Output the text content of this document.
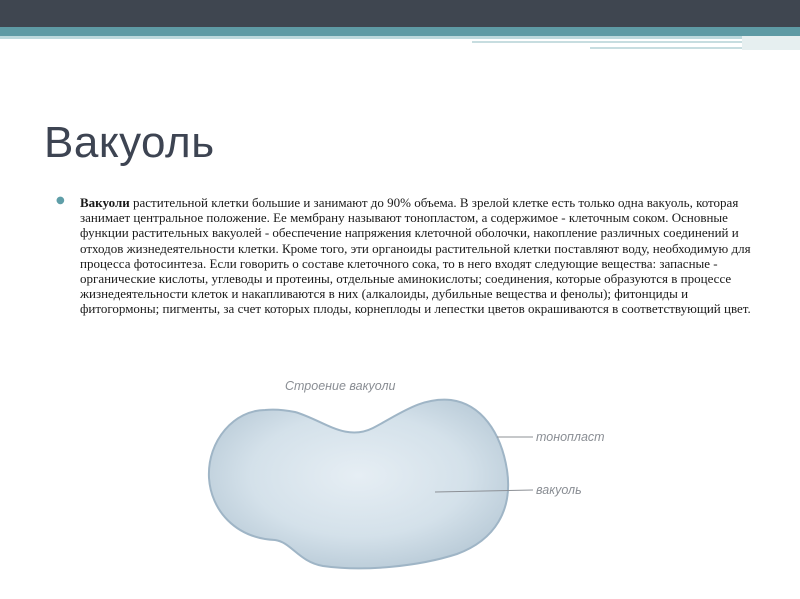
Вакуоль
● Вакуоли растительной клетки большие и занимают до 90% объема. В зрелой клетке есть только одна вакуоль, которая занимает центральное положение. Ее мембрану называют тонопластом, а содержимое - клеточным соком. Основные функции растительных вакуолей - обеспечение напряжения клеточной оболочки, накопление различных соединений и отходов жизнедеятельности клетки. Кроме того, эти органоиды растительной клетки поставляют воду, необходимую для процесса фотосинтеза. Если говорить о составе клеточного сока, то в него входят следующие вещества: запасные - органические кислоты, углеводы и протеины, отдельные аминокислоты; соединения, которые образуются в процессе жизнедеятельности клеток и накапливаются в них (алкалоиды, дубильные вещества и фенолы); фитонциды и фитогормоны; пигменты, за счет которых плоды, корнеплоды и лепестки цветов окрашиваются в соответствующий цвет.
Строение вакуоли
тонопласт
вакуоль
